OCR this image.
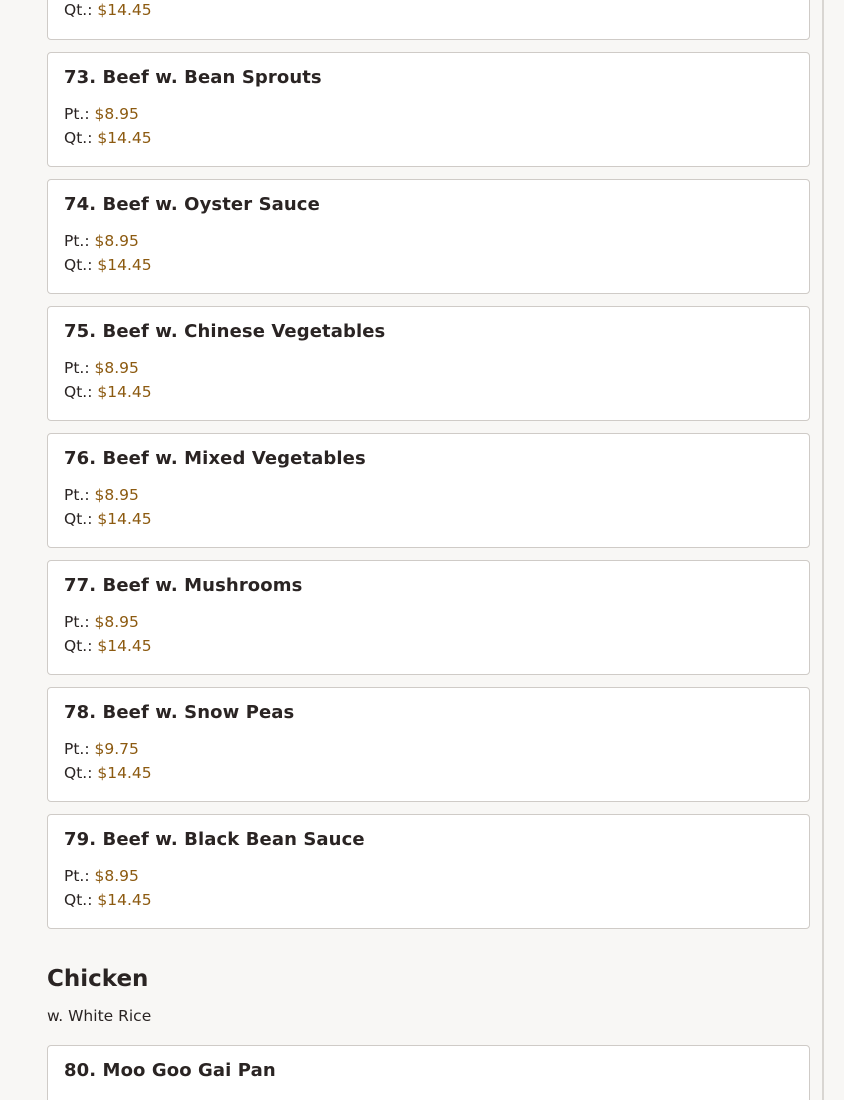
Qt.: $14.45
73. Beef w. Bean Sprouts
Pt.: $8.95
Qt.: $14.45
74. Beef w. Oyster Sauce
Pt.: $8.95
Qt.: $14.45
75. Beef w. Chinese Vegetables
Pt.: $8.95
Qt.: $14.45
76. Beef w. Mixed Vegetables
Pt.: $8.95
Qt.: $14.45
77. Beef w. Mushrooms
Pt.: $8.95
Qt.: $14.45
78. Beef w. Snow Peas
Pt.: $9.75
Qt.: $14.45
79. Beef w. Black Bean Sauce
Pt.: $8.95
Qt.: $14.45
Chicken

w. White Rice

80. Moo Goo Gai Pan
